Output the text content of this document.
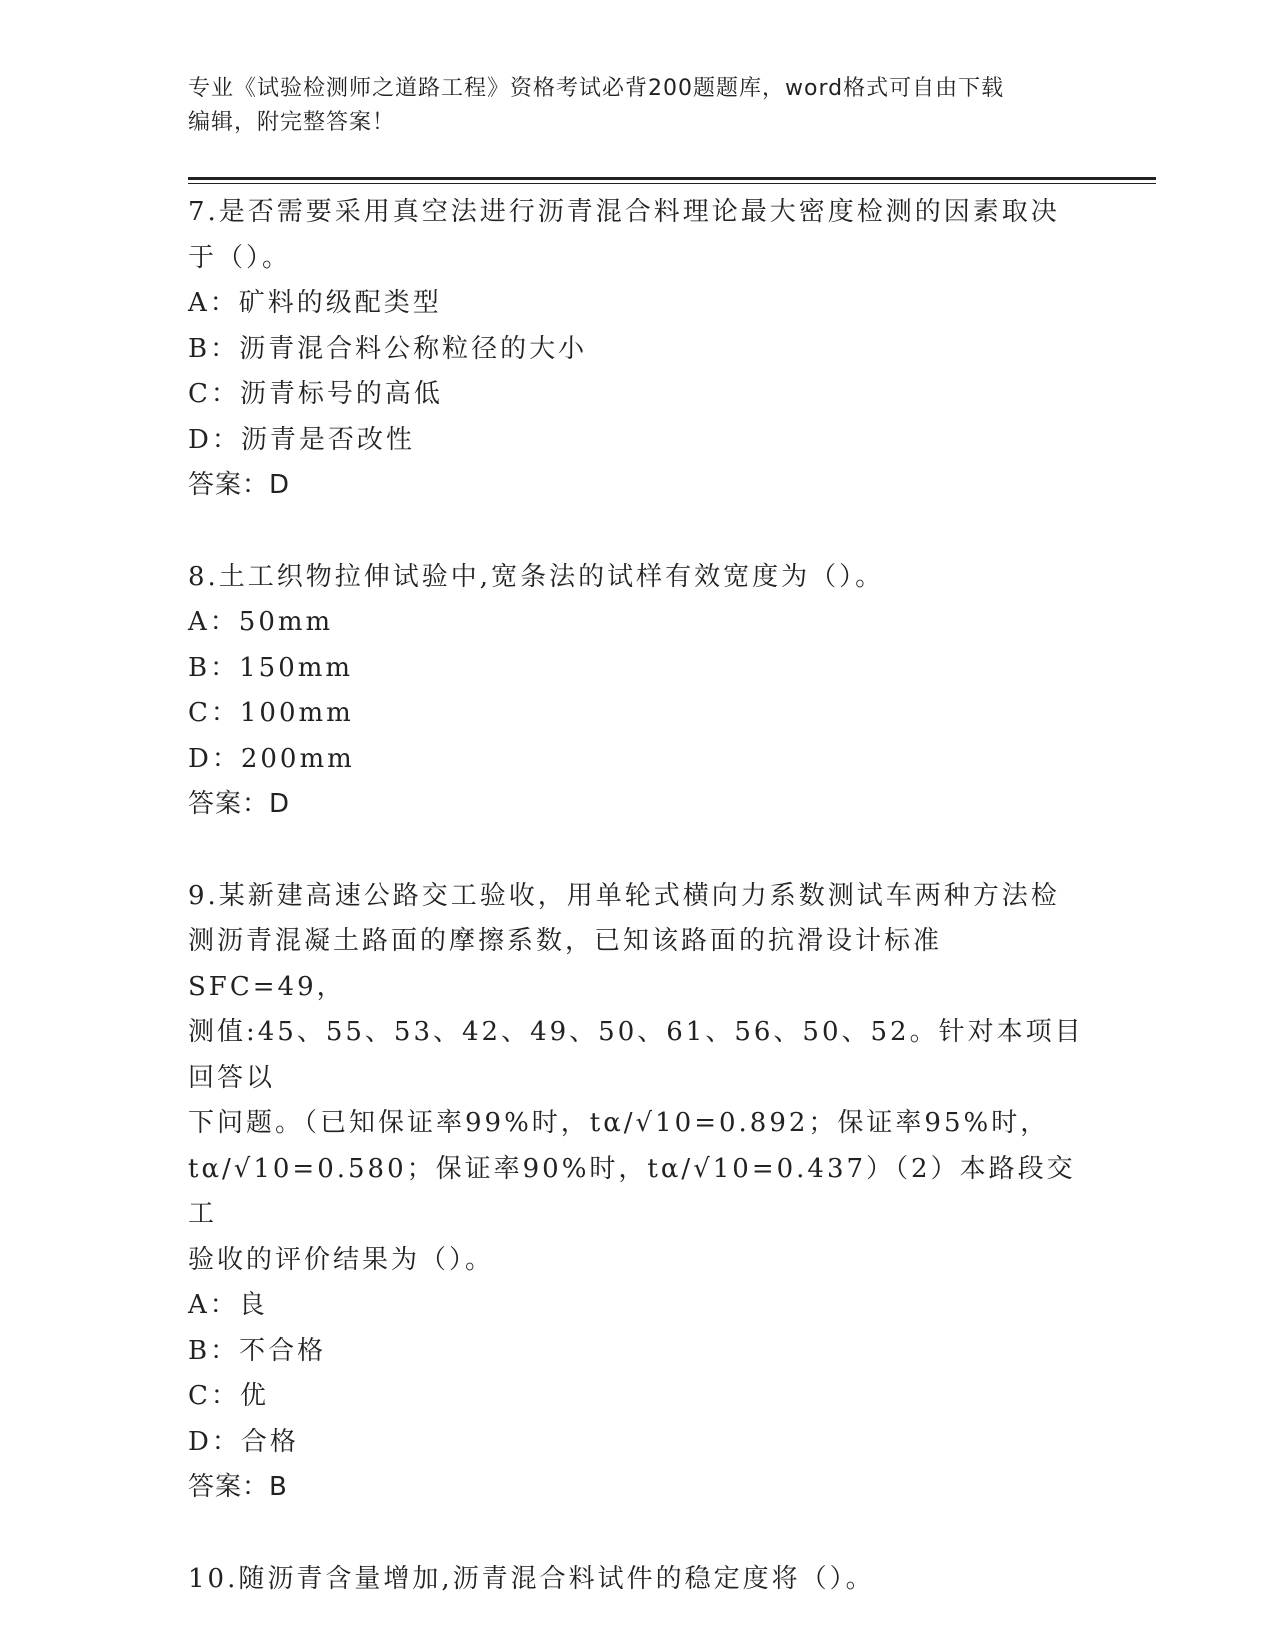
专业《试验检测师之道路工程》资格考试必背200题题库，word格式可自由下载
编辑，附完整答案！

7.是否需要采用真空法进行沥青混合料理论最大密度检测的因素取决

于（）。

A：矿料的级配类型

B：沥青混合料公称粒径的大小

C：沥青标号的高低

D：沥青是否改性

答案：D

8.土工织物拉伸试验中,宽条法的试样有效宽度为（）。

A：50mm

B：150mm

C：100mm

D：200mm

答案：D

9.某新建高速公路交工验收，用单轮式横向力系数测试车两种方法检

测沥青混凝土路面的摩擦系数，已知该路面的抗滑设计标准SFC=49，

测值:45、55、53、42、49、50、61、56、50、52。针对本项目回答以

下问题。（已知保证率99%时，tα/√10=0.892；保证率95%时，

tα/√10=0.580；保证率90%时，tα/√10=0.437）（2）本路段交工

验收的评价结果为（）。

A：良

B：不合格

C：优

D：合格

答案：B

10.随沥青含量增加,沥青混合料试件的稳定度将（）。
